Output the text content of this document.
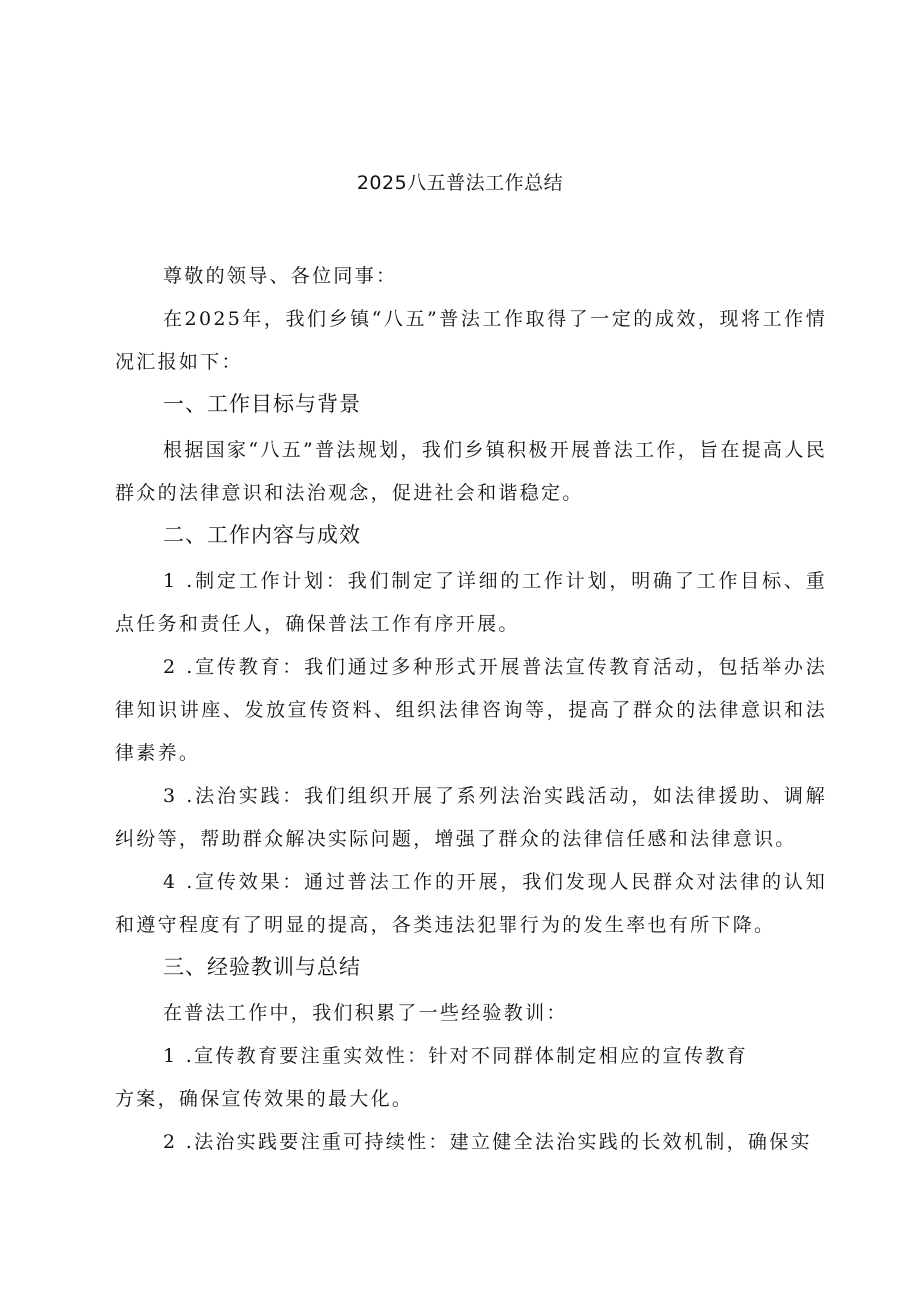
2025八五普法工作总结

尊敬的领导、各位同事：

在2025年，我们乡镇“八五”普法工作取得了一定的成效，现将工作情况汇报如下：

一、工作目标与背景

根据国家“八五”普法规划，我们乡镇积极开展普法工作，旨在提高人民群众的法律意识和法治观念，促进社会和谐稳定。

二、工作内容与成效

1 .制定工作计划：我们制定了详细的工作计划，明确了工作目标、重点任务和责任人，确保普法工作有序开展。

2 .宣传教育：我们通过多种形式开展普法宣传教育活动，包括举办法律知识讲座、发放宣传资料、组织法律咨询等，提高了群众的法律意识和法律素养。

3 .法治实践：我们组织开展了系列法治实践活动，如法律援助、调解纠纷等，帮助群众解决实际问题，增强了群众的法律信任感和法律意识。

4 .宣传效果：通过普法工作的开展，我们发现人民群众对法律的认知和遵守程度有了明显的提高，各类违法犯罪行为的发生率也有所下降。

三、经验教训与总结

在普法工作中，我们积累了一些经验教训：

1 .宣传教育要注重实效性：针对不同群体制定相应的宣传教育

方案，确保宣传效果的最大化。

2 .法治实践要注重可持续性：建立健全法治实践的长效机制，确保实
